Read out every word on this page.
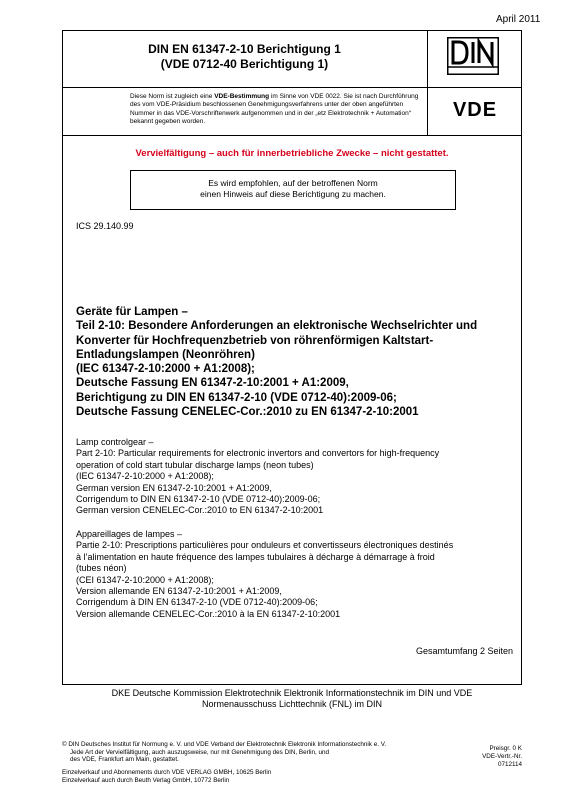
April 2011
DIN EN 61347-2-10 Berichtigung 1
(VDE 0712-40 Berichtigung 1)
Diese Norm ist zugleich eine VDE-Bestimmung im Sinne von VDE 0022. Sie ist nach Durchführung des vom VDE-Präsidium beschlossenen Genehmigungsverfahrens unter der oben angeführten Nummer in das VDE-Vorschriftenwerk aufgenommen und in der „etz Elektrotechnik + Automation“ bekannt gegeben worden.
VDE
Vervielfältigung – auch für innerbetriebliche Zwecke – nicht gestattet.
Es wird empfohlen, auf der betroffenen Norm
einen Hinweis auf diese Berichtigung zu machen.
ICS 29.140.99
Geräte für Lampen –
Teil 2-10: Besondere Anforderungen an elektronische Wechselrichter und
Konverter für Hochfrequenzbetrieb von röhrenförmigen Kaltstart-
Entladungslampen (Neonröhren)
(IEC 61347-2-10:2000 + A1:2008);
Deutsche Fassung EN 61347-2-10:2001 + A1:2009,
Berichtigung zu DIN EN 61347-2-10 (VDE 0712-40):2009-06;
Deutsche Fassung CENELEC-Cor.:2010 zu EN 61347-2-10:2001
Lamp controlgear –
Part 2-10: Particular requirements for electronic invertors and convertors for high-frequency
operation of cold start tubular discharge lamps (neon tubes)
(IEC 61347-2-10:2000 + A1:2008);
German version EN 61347-2-10:2001 + A1:2009,
Corrigendum to DIN EN 61347-2-10 (VDE 0712-40):2009-06;
German version CENELEC-Cor.:2010 to EN 61347-2-10:2001
Appareillages de lampes –
Partie 2-10: Prescriptions particulières pour onduleurs et convertisseurs électroniques destinés
à l’alimentation en haute fréquence des lampes tubulaires à décharge à démarrage à froid
(tubes néon)
(CEI 61347-2-10:2000 + A1:2008);
Version allemande EN 61347-2-10:2001 + A1:2009,
Corrigendum à DIN EN 61347-2-10 (VDE 0712-40):2009-06;
Version allemande CENELEC-Cor.:2010 à la EN 61347-2-10:2001
Gesamtumfang 2 Seiten
DKE Deutsche Kommission Elektrotechnik Elektronik Informationstechnik im DIN und VDE
Normenausschuss Lichttechnik (FNL) im DIN
© DIN Deutsches Institut für Normung e. V. und VDE Verband der Elektrotechnik Elektronik Informationstechnik e. V.
Jede Art der Vervielfältigung, auch auszugsweise, nur mit Genehmigung des DIN, Berlin, und
des VDE, Frankfurt am Main, gestattet.
Einzelverkauf und Abonnements durch VDE VERLAG GMBH, 10625 Berlin
Einzelverkauf auch durch Beuth Verlag GmbH, 10772 Berlin
Preisgr. 0 K
VDE-Vertr.-Nr. 0712114
